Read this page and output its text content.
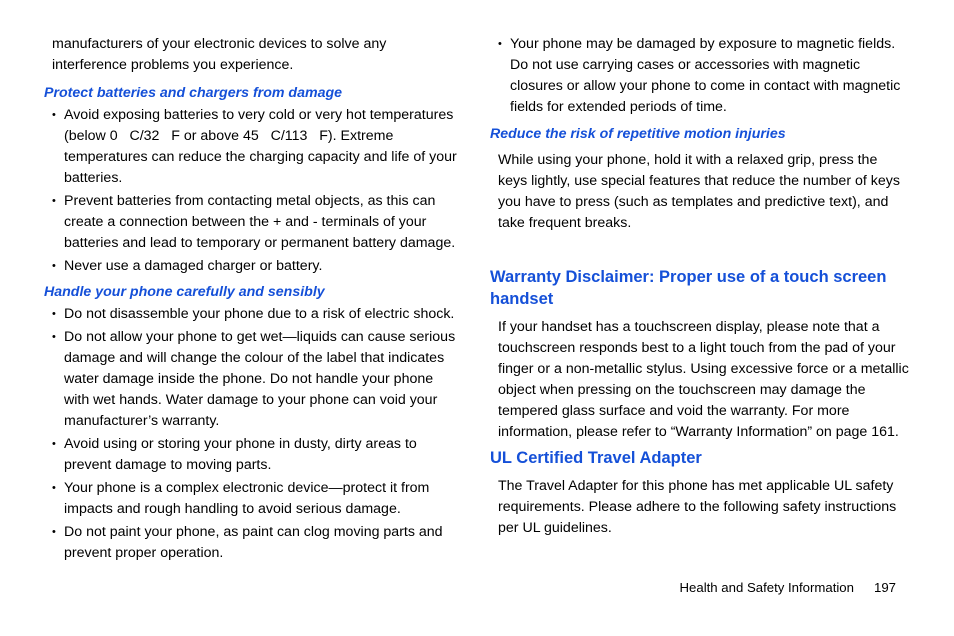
manufacturers of your electronic devices to solve any interference problems you experience.

Protect batteries and chargers from damage
• Avoid exposing batteries to very cold or very hot temperatures (below 0   C/32   F or above 45   C/113   F). Extreme temperatures can reduce the charging capacity and life of your batteries.
• Prevent batteries from contacting metal objects, as this can create a connection between the + and - terminals of your batteries and lead to temporary or permanent battery damage.
• Never use a damaged charger or battery.
Handle your phone carefully and sensibly
• Do not disassemble your phone due to a risk of electric shock.
• Do not allow your phone to get wet—liquids can cause serious damage and will change the colour of the label that indicates water damage inside the phone. Do not handle your phone with wet hands. Water damage to your phone can void your manufacturer’s warranty.
• Avoid using or storing your phone in dusty, dirty areas to prevent damage to moving parts.
• Your phone is a complex electronic device—protect it from impacts and rough handling to avoid serious damage.
• Do not paint your phone, as paint can clog moving parts and prevent proper operation.
• Your phone may be damaged by exposure to magnetic fields. Do not use carrying cases or accessories with magnetic closures or allow your phone to come in contact with magnetic fields for extended periods of time.
Reduce the risk of repetitive motion injuries

While using your phone, hold it with a relaxed grip, press the keys lightly, use special features that reduce the number of keys you have to press (such as templates and predictive text), and take frequent breaks.

Warranty Disclaimer: Proper use of a touch screen handset

If your handset has a touchscreen display, please note that a touchscreen responds best to a light touch from the pad of your finger or a non-metallic stylus. Using excessive force or a metallic object when pressing on the touchscreen may damage the tempered glass surface and void the warranty. For more information, please refer to “Warranty Information” on page 161.

UL Certified Travel Adapter

The Travel Adapter for this phone has met applicable UL safety requirements. Please adhere to the following safety instructions per UL guidelines.

Health and Safety Information 197
